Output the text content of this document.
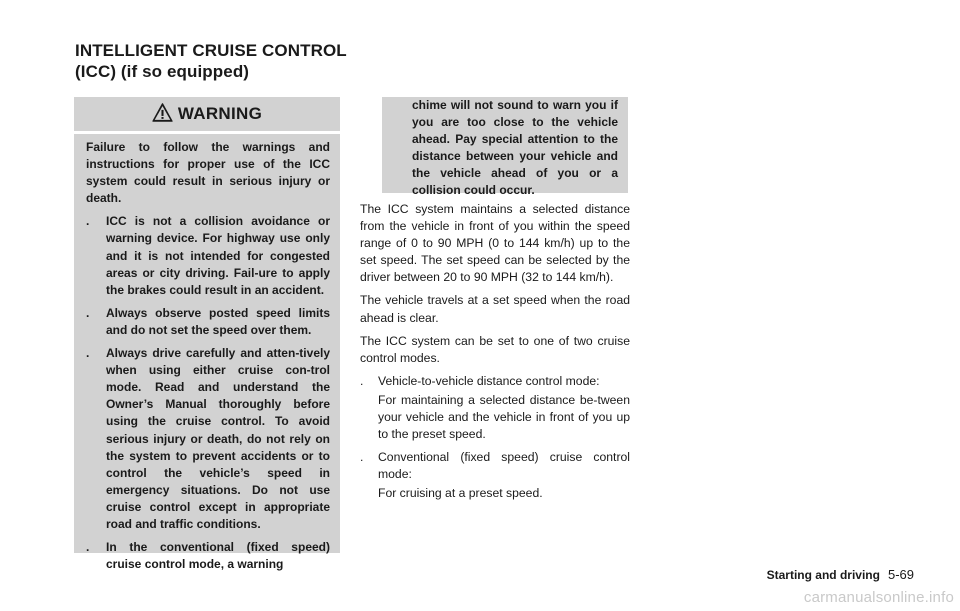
INTELLIGENT CRUISE CONTROL
(ICC) (if so equipped)
WARNING

Failure to follow the warnings and instructions for proper use of the ICC system could result in serious injury or death.

.	ICC is not a collision avoidance or warning device. For highway use only and it is not intended for congested areas or city driving. Fail-ure to apply the brakes could result in an accident.
.	Always observe posted speed limits and do not set the speed over them.
.	Always drive carefully and atten-tively when using either cruise con-trol mode. Read and understand the Owner’s Manual thoroughly before using the cruise control. To avoid serious injury or death, do not rely on the system to prevent accidents or to control the vehicle’s speed in emergency situations. Do not use cruise control except in appropriate road and traffic conditions.
.	In the conventional (fixed speed) cruise control mode, a warning
chime will not sound to warn you if you are too close to the vehicle ahead. Pay special attention to the distance between your vehicle and the vehicle ahead of you or a collision could occur.

The ICC system maintains a selected distance from the vehicle in front of you within the speed range of 0 to 90 MPH (0 to 144 km/h) up to the set speed. The set speed can be selected by the driver between 20 to 90 MPH (32 to 144 km/h).

The vehicle travels at a set speed when the road ahead is clear.

The ICC system can be set to one of two cruise control modes.

.	Vehicle-to-vehicle distance control mode:
For maintaining a selected distance be-tween your vehicle and the vehicle in front of you up to the preset speed.
.	Conventional (fixed speed) cruise control mode:
For cruising at a preset speed.
Starting and driving 5-69
carmanualsonline.info
